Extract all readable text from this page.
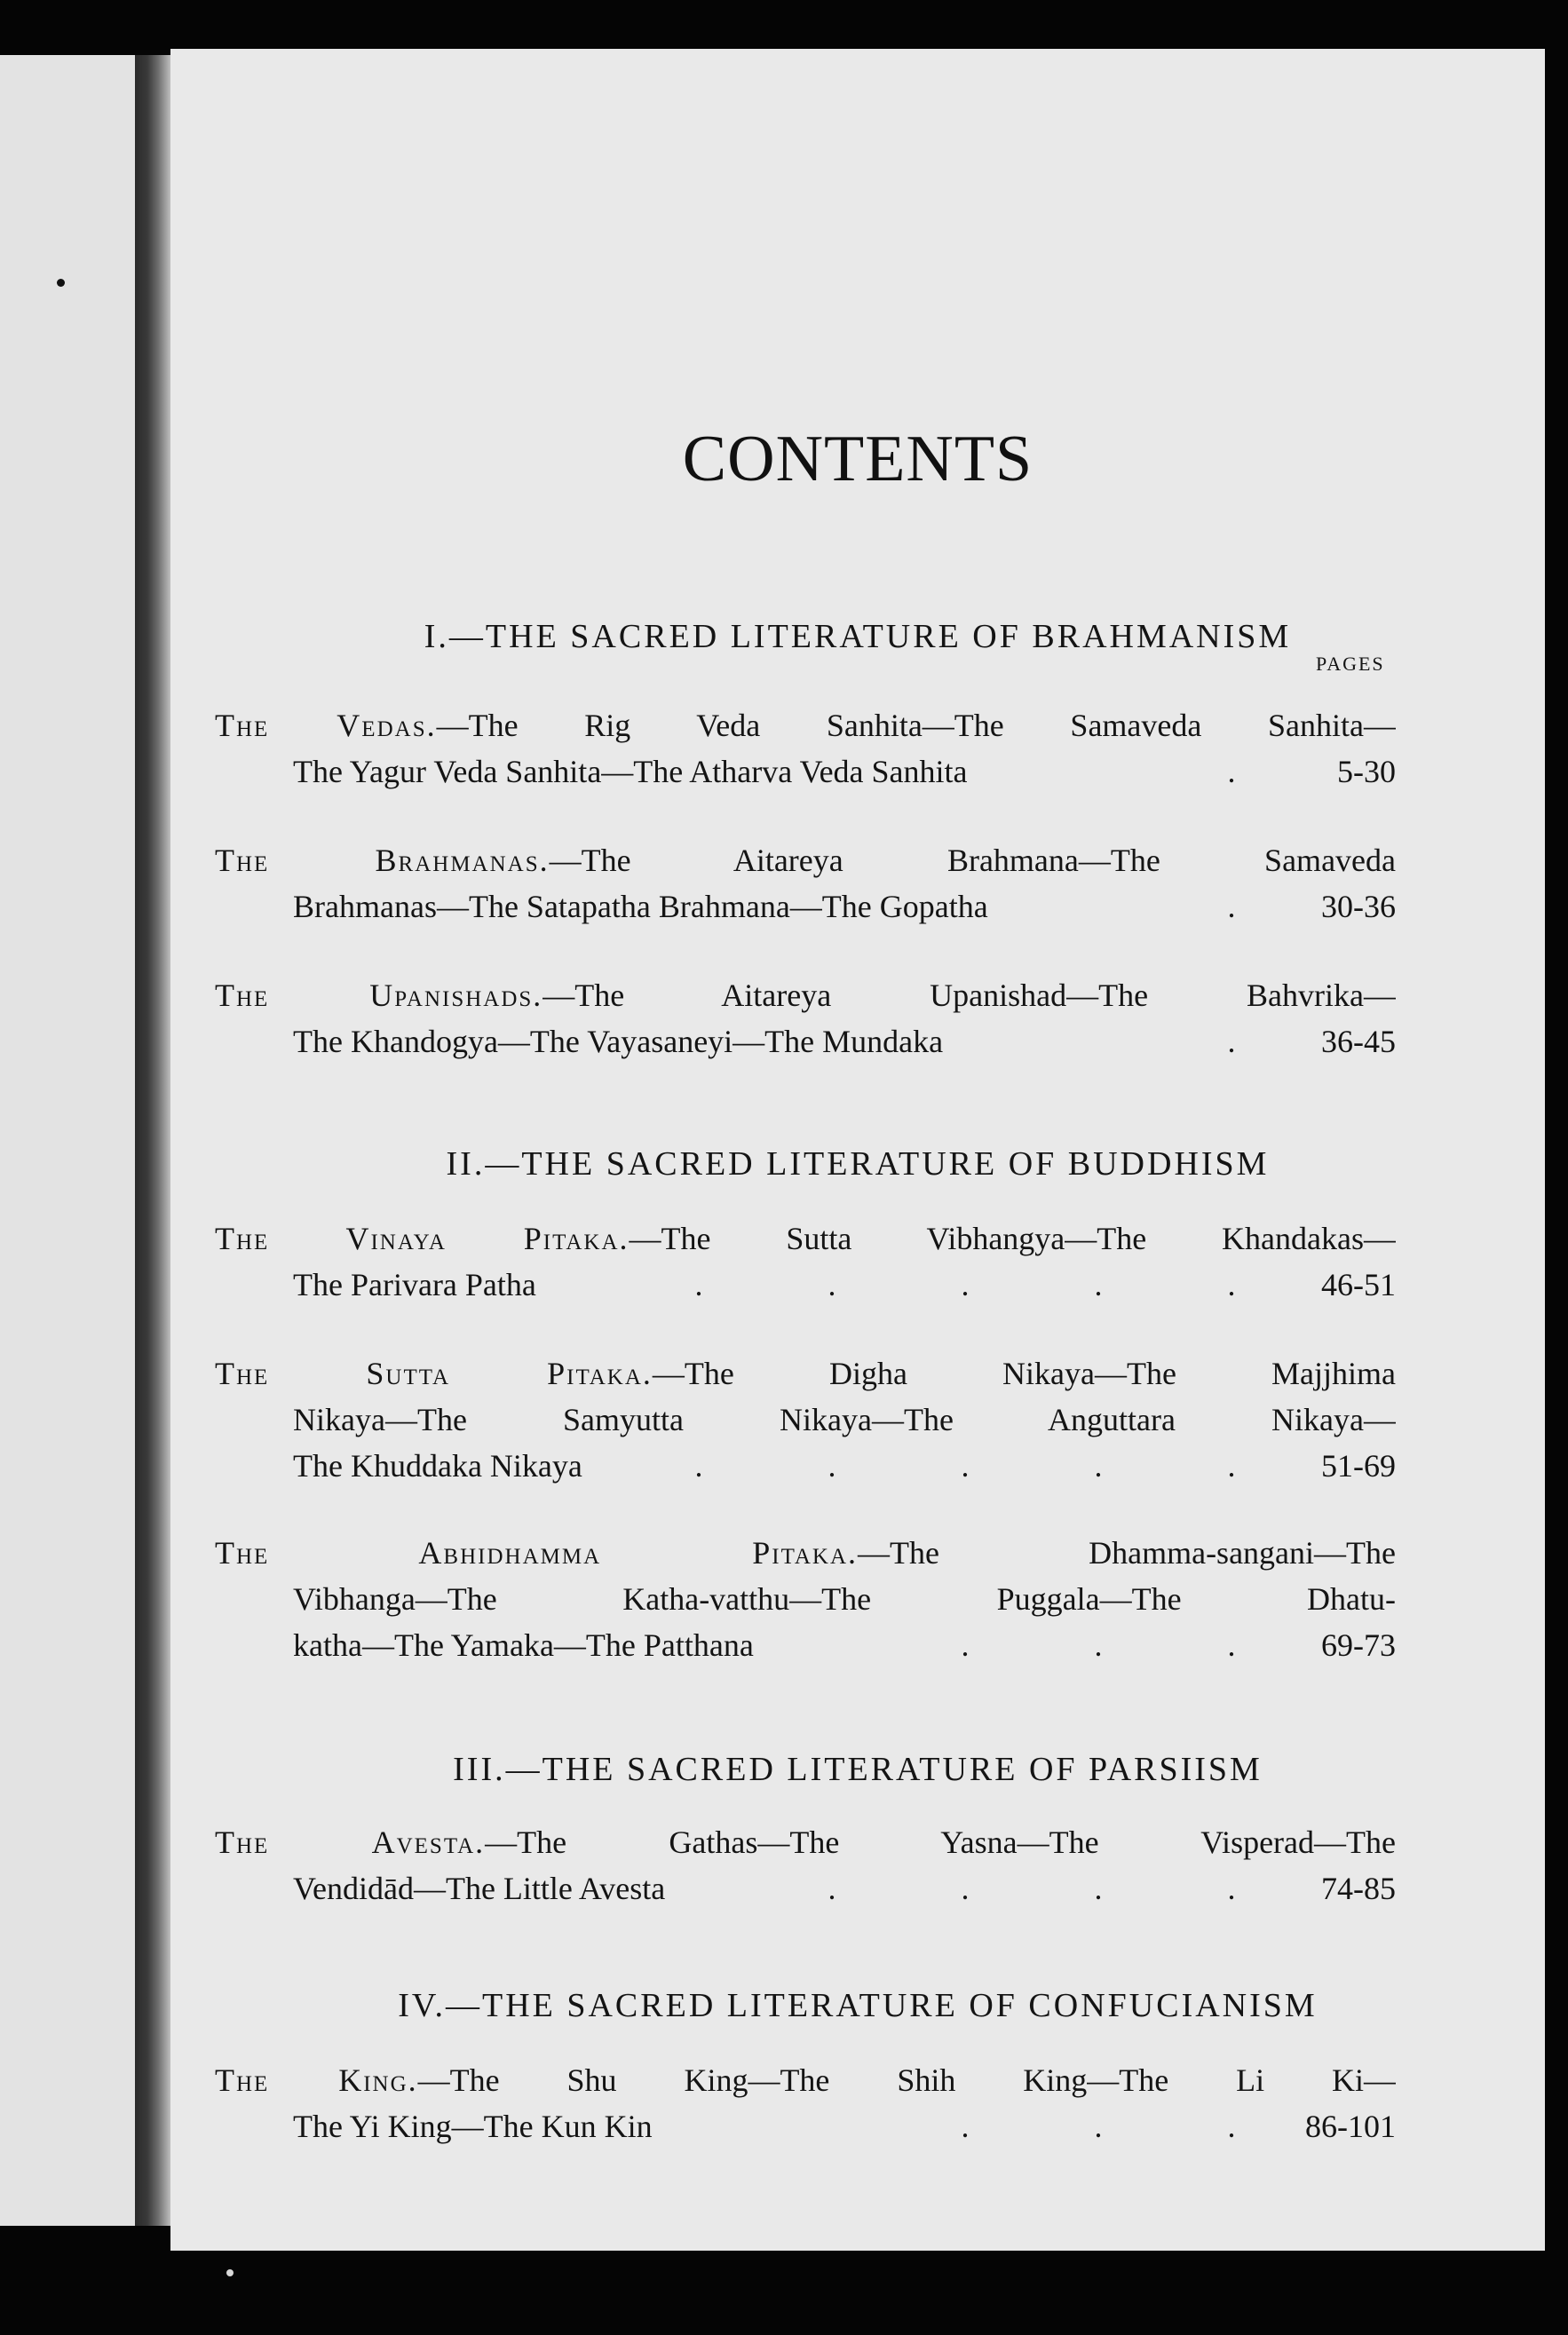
CONTENTS
I.—THE SACRED LITERATURE OF BRAHMANISM
PAGES
The Vedas.—The Rig Veda Sanhita—The Samaveda Sanhita—
The Yagur Veda Sanhita—The Atharva Veda Sanhita	.	5-30
The Brahmanas.—The Aitareya Brahmana—The Samaveda
Brahmanas—The Satapatha Brahmana—The Gopatha	.	30-36
The Upanishads.—The Aitareya Upanishad—The Bahvrika—
The Khandogya—The Vayasaneyi—The Mundaka	.	36-45
II.—THE SACRED LITERATURE OF BUDDHISM
The Vinaya Pitaka.—The Sutta Vibhangya—The Khandakas—
The Parivara Patha	.	.	.	.	.	46-51
The Sutta Pitaka.—The Digha Nikaya—The Majjhima
Nikaya—The Samyutta Nikaya—The Anguttara Nikaya—
The Khuddaka Nikaya	.	.	.	.	.	51-69
The Abhidhamma Pitaka.—The Dhamma-sangani—The
Vibhanga—The Katha-vatthu—The Puggala—The Dhatu-
katha—The Yamaka—The Patthana	.	.	.	69-73
III.—THE SACRED LITERATURE OF PARSIISM
The Avesta.—The Gathas—The Yasna—The Visperad—The
Vendidād—The Little Avesta	.	.	.	.	74-85
IV.—THE SACRED LITERATURE OF CONFUCIANISM
The King.—The Shu King—The Shih King—The Li Ki—
The Yi King—The Kun Kin	.	.	.	86-101
